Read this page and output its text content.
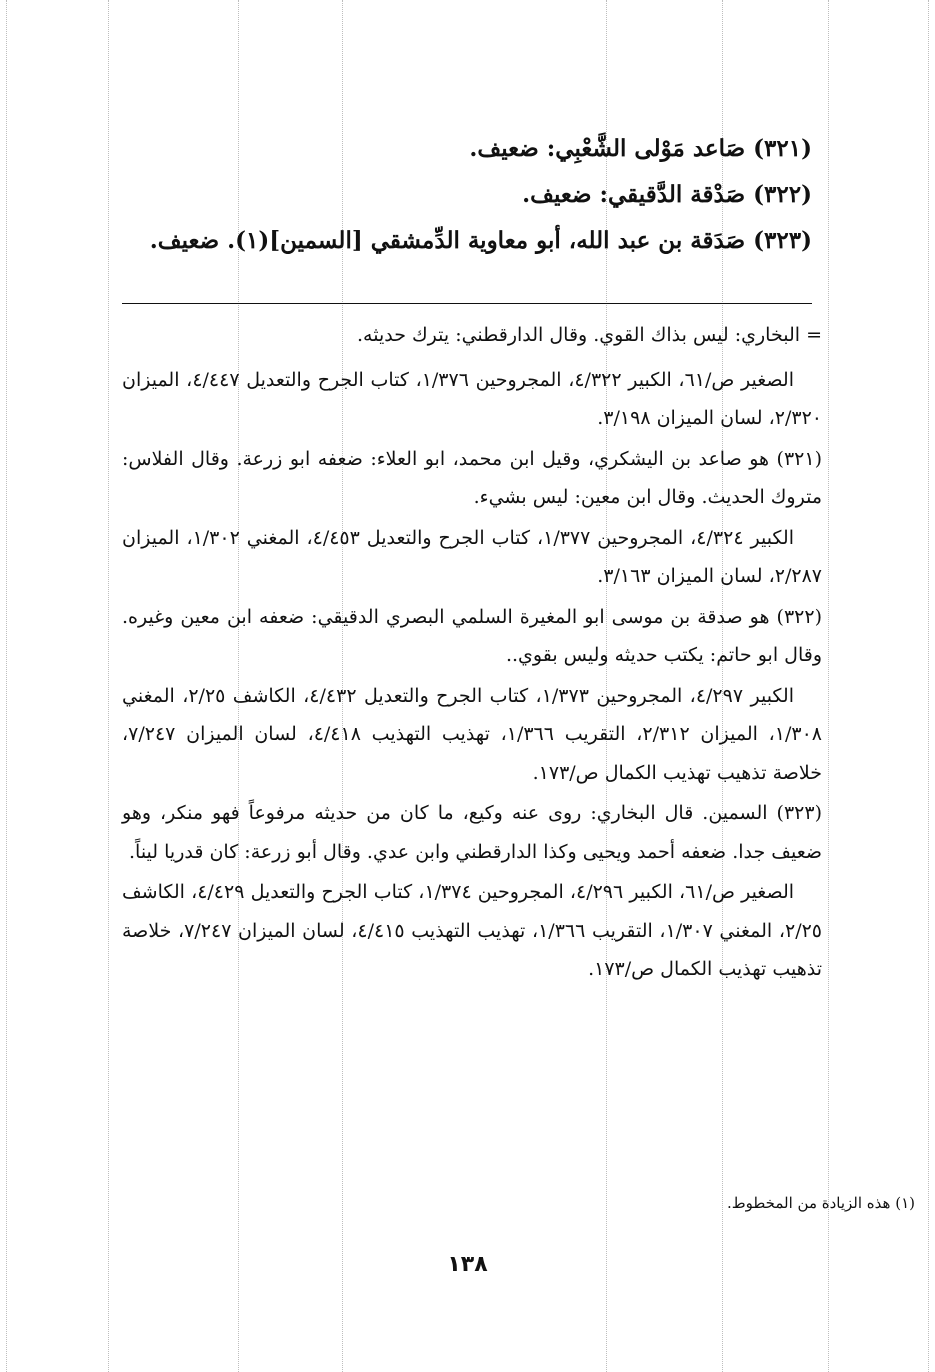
(٣٢١) صَاعد مَوْلى الشَّعْبِي: ضعيف.

(٣٢٢) صَدْقة الدَّقيقي: ضعيف.

(٣٢٣) صَدَقة بن عبد الله، أبو معاوية الدِّمشقي [السمين](١). ضعيف.

= البخاري: ليس بذاك القوي. وقال الدارقطني: يترك حديثه.

الصغير ص/٦١، الكبير ٤/٣٢٢، المجروحين ١/٣٧٦، كتاب الجرح والتعديل ٤/٤٤٧، الميزان ٢/٣٢٠، لسان الميزان ٣/١٩٨.

(٣٢١) هو صاعد بن اليشكري، وقيل ابن محمد، ابو العلاء: ضعفه ابو زرعة. وقال الفلاس: متروك الحديث. وقال ابن معين: ليس بشيء.

الكبير ٤/٣٢٤، المجروحين ١/٣٧٧، كتاب الجرح والتعديل ٤/٤٥٣، المغني ١/٣٠٢، الميزان ٢/٢٨٧، لسان الميزان ٣/١٦٣.

(٣٢٢) هو صدقة بن موسى ابو المغيرة السلمي البصري الدقيقي: ضعفه ابن معين وغيره. وقال ابو حاتم: يكتب حديثه وليس بقوي..

الكبير ٤/٢٩٧، المجروحين ١/٣٧٣، كتاب الجرح والتعديل ٤/٤٣٢، الكاشف ٢/٢٥، المغني ١/٣٠٨، الميزان ٢/٣١٢، التقريب ١/٣٦٦، تهذيب التهذيب ٤/٤١٨، لسان الميزان ٧/٢٤٧، خلاصة تذهيب تهذيب الكمال ص/١٧٣.

(٣٢٣) السمين. قال البخاري: روى عنه وكيع، ما كان من حديثه مرفوعاً فهو منكر، وهو ضعيف جدا. ضعفه أحمد ويحيى وكذا الدارقطني وابن عدي. وقال أبو زرعة: كان قدريا ليناً.

الصغير ص/٦١، الكبير ٤/٢٩٦، المجروحين ١/٣٧٤، كتاب الجرح والتعديل ٤/٤٢٩، الكاشف ٢/٢٥، المغني ١/٣٠٧، التقريب ١/٣٦٦، تهذيب التهذيب ٤/٤١٥، لسان الميزان ٧/٢٤٧، خلاصة تذهيب تهذيب الكمال ص/١٧٣.

(١) هذه الزيادة من المخطوط.
١٣٨
